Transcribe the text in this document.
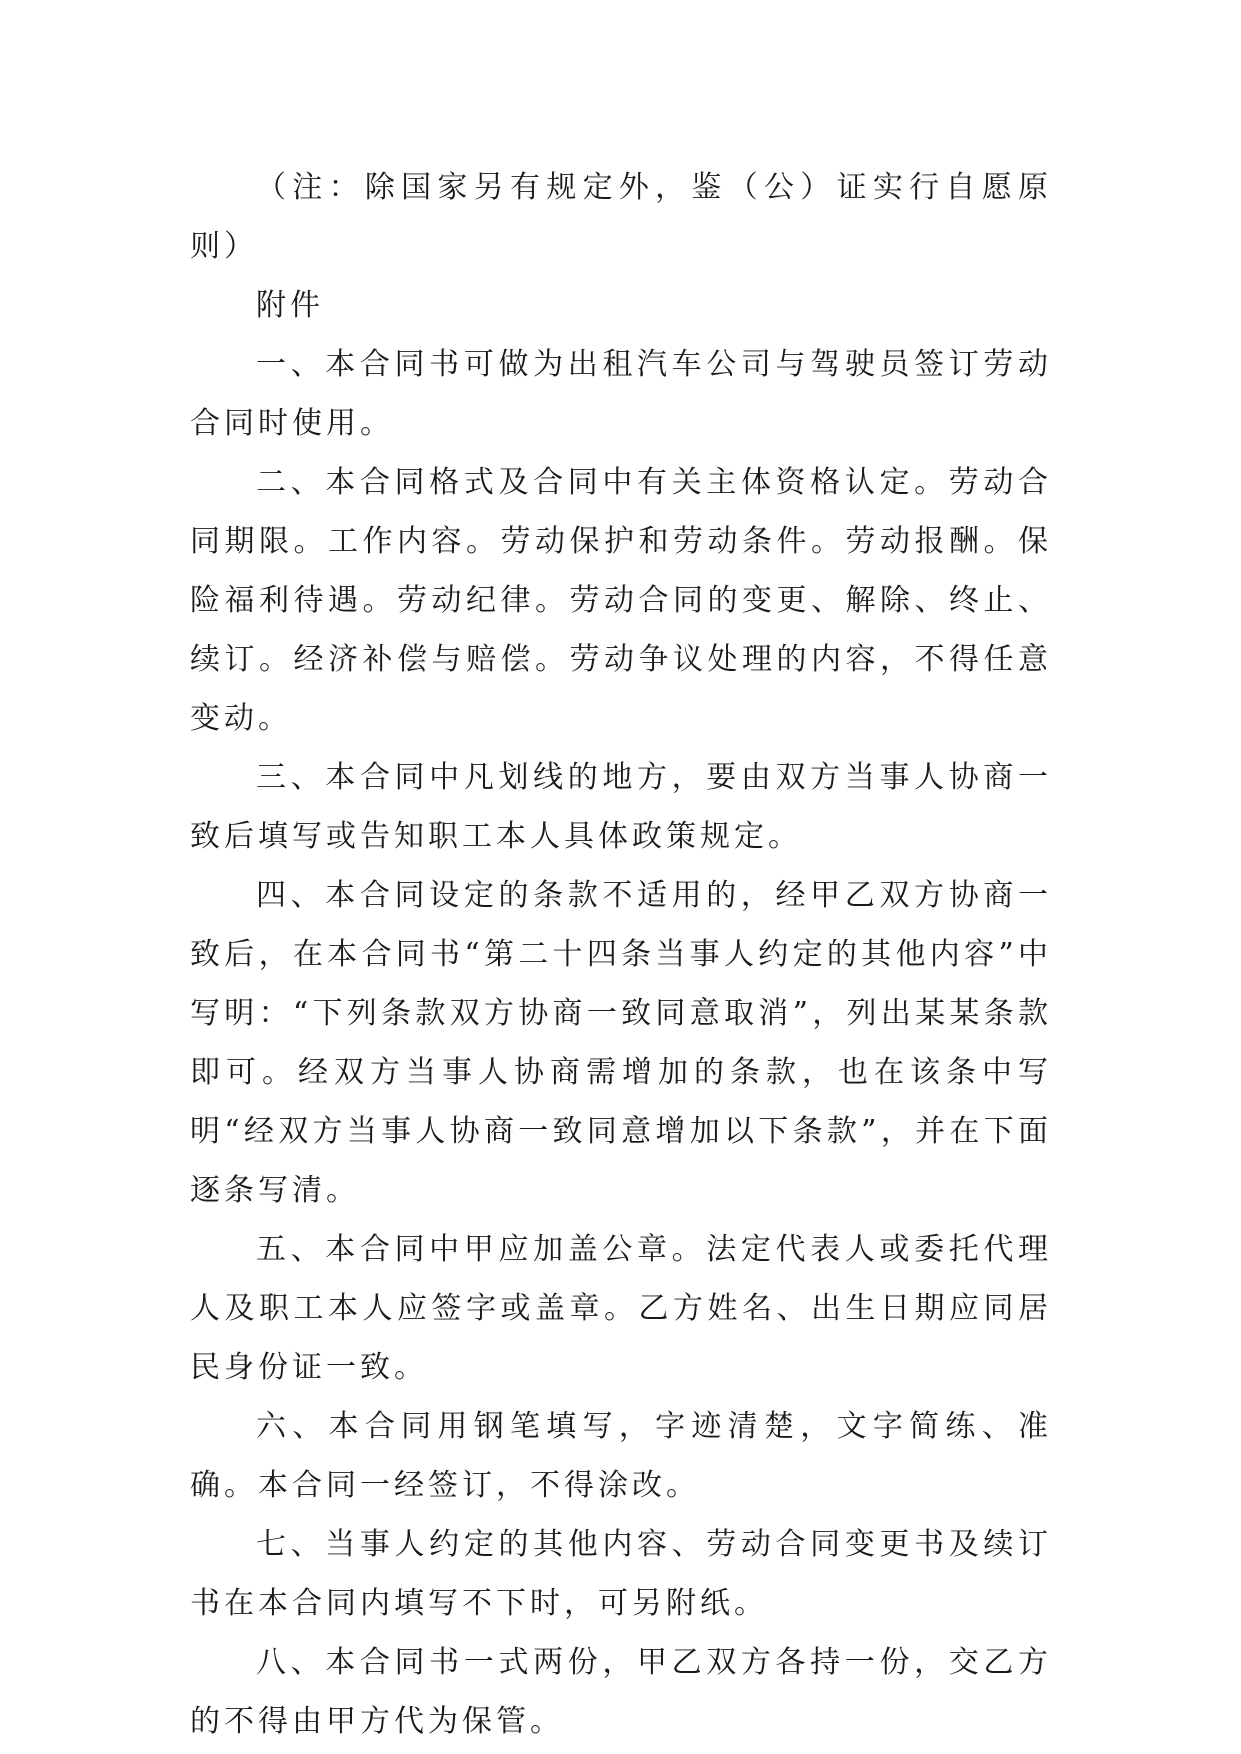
（注：除国家另有规定外，鉴（公）证实行自愿原则）

附件

一、本合同书可做为出租汽车公司与驾驶员签订劳动合同时使用。

二、本合同格式及合同中有关主体资格认定。劳动合同期限。工作内容。劳动保护和劳动条件。劳动报酬。保险福利待遇。劳动纪律。劳动合同的变更、解除、终止、续订。经济补偿与赔偿。劳动争议处理的内容，不得任意变动。

三、本合同中凡划线的地方，要由双方当事人协商一致后填写或告知职工本人具体政策规定。

四、本合同设定的条款不适用的，经甲乙双方协商一致后，在本合同书“第二十四条当事人约定的其他内容”中写明：“下列条款双方协商一致同意取消”，列出某某条款即可。经双方当事人协商需增加的条款，也在该条中写明“经双方当事人协商一致同意增加以下条款”，并在下面逐条写清。

五、本合同中甲应加盖公章。法定代表人或委托代理人及职工本人应签字或盖章。乙方姓名、出生日期应同居民身份证一致。

六、本合同用钢笔填写，字迹清楚，文字简练、准确。本合同一经签订，不得涂改。

七、当事人约定的其他内容、劳动合同变更书及续订书在本合同内填写不下时，可另附纸。

八、本合同书一式两份，甲乙双方各持一份，交乙方的不得由甲方代为保管。
